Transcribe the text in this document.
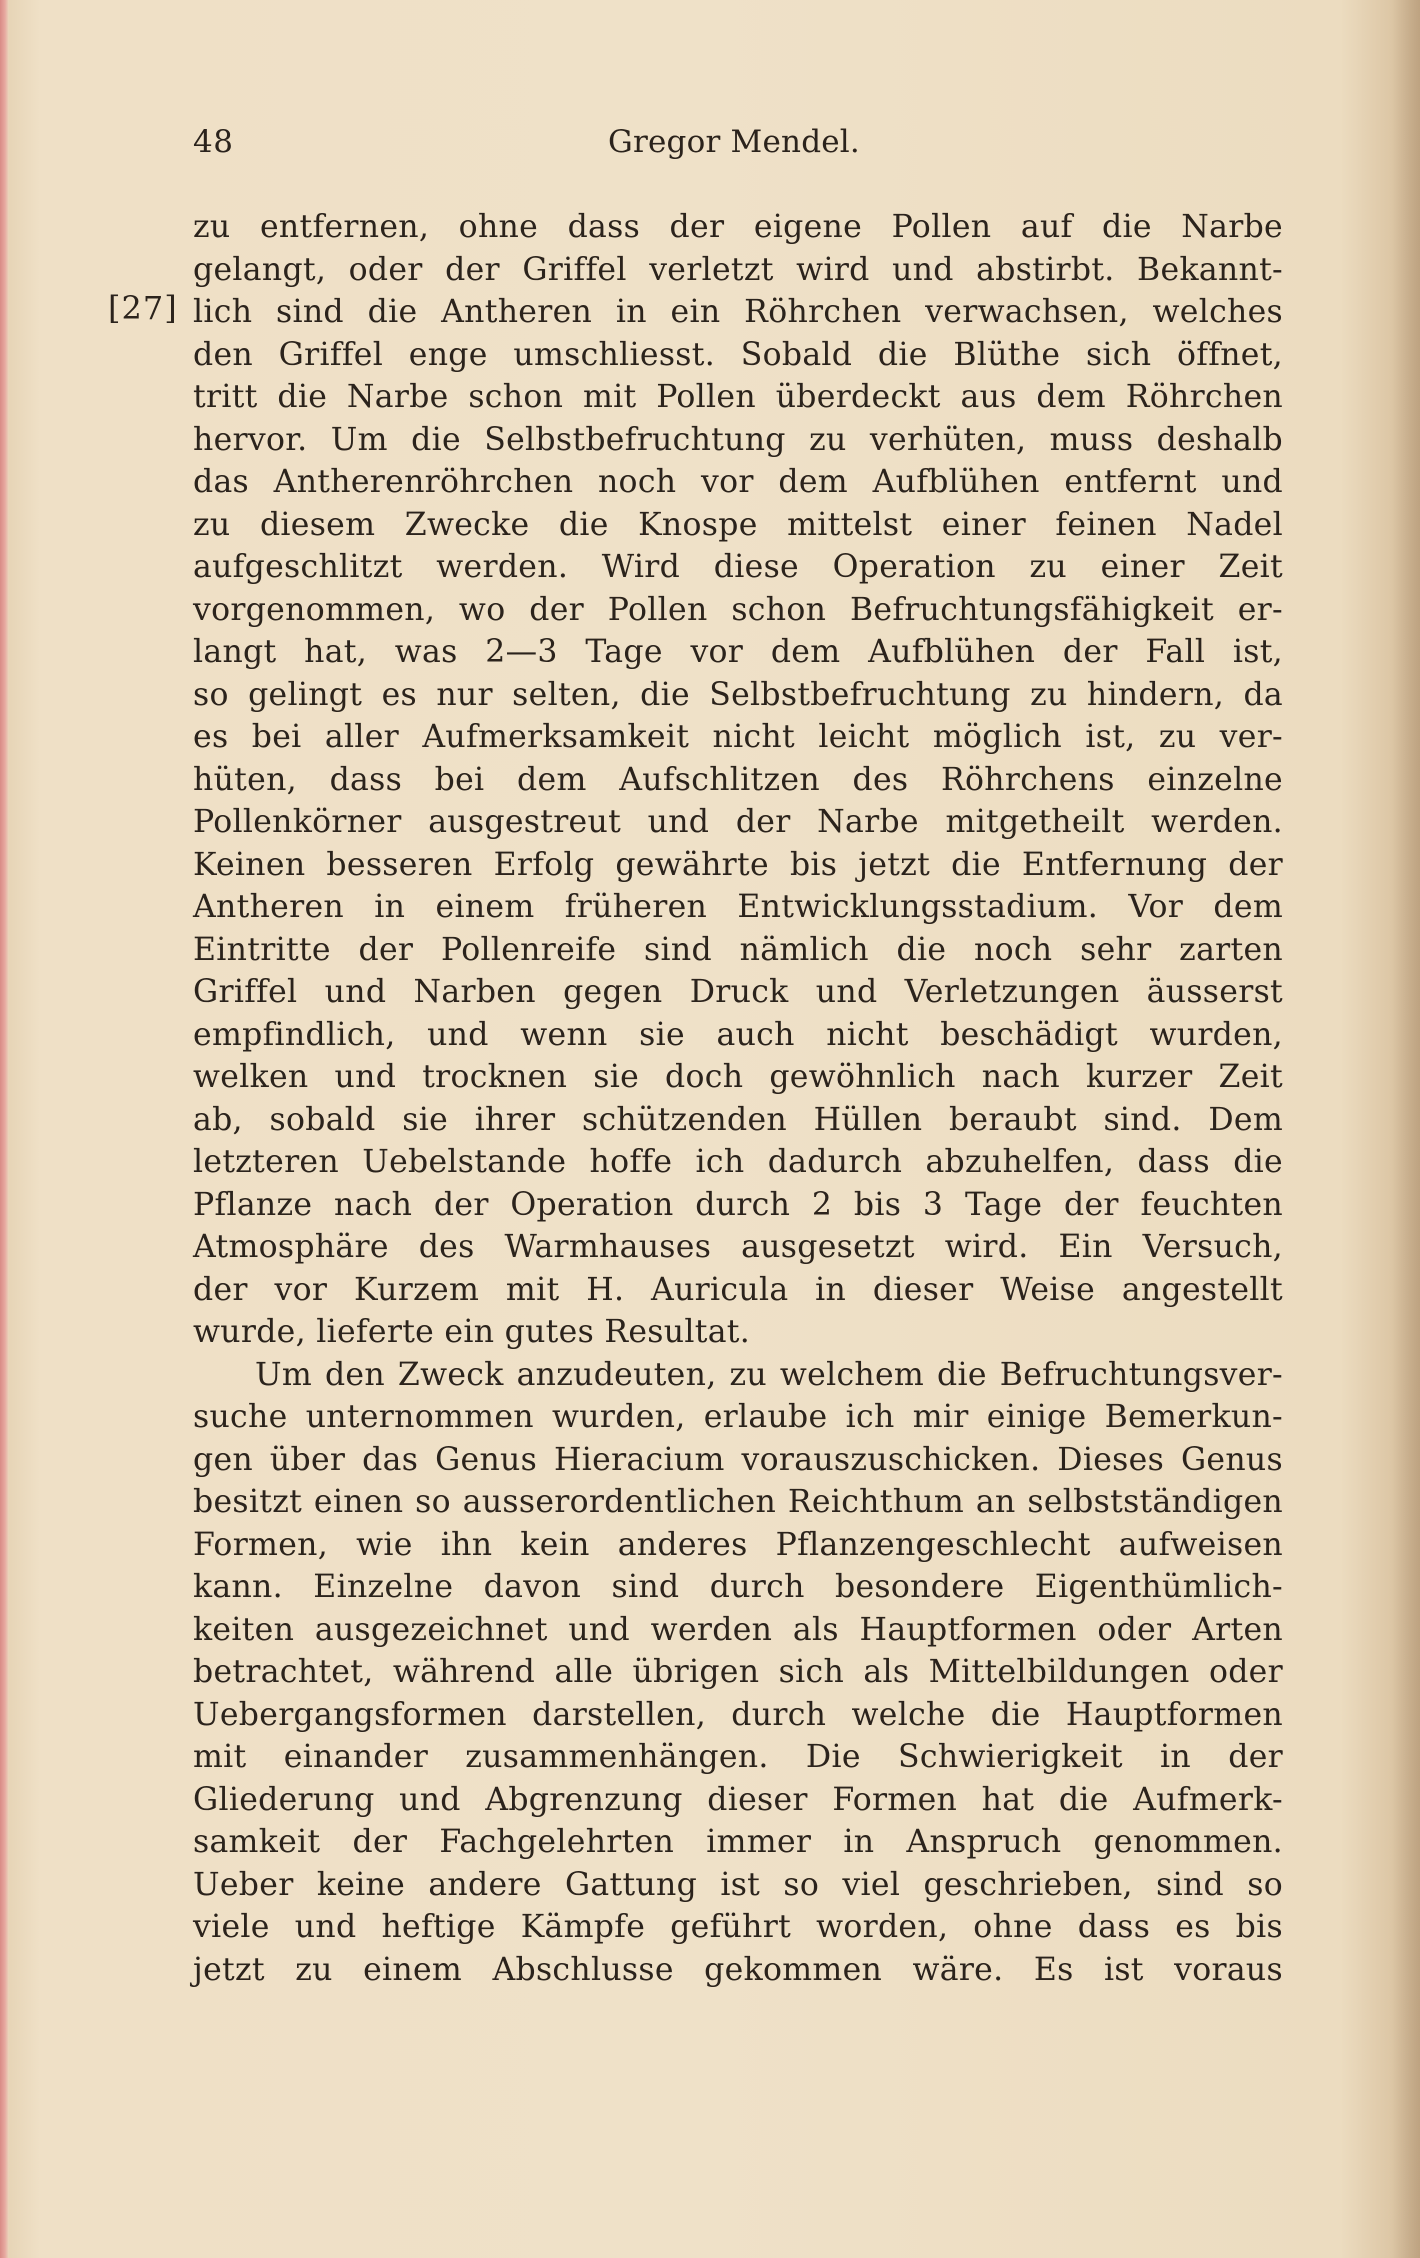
48	Gregor Mendel.
[27]
zu entfernen, ohne dass der eigene Pollen auf die Narbe
gelangt, oder der Griffel verletzt wird und abstirbt. Bekannt-
lich sind die Antheren in ein Röhrchen verwachsen, welches
den Griffel enge umschliesst. Sobald die Blüthe sich öffnet,
tritt die Narbe schon mit Pollen überdeckt aus dem Röhrchen
hervor. Um die Selbstbefruchtung zu verhüten, muss deshalb
das Antherenröhrchen noch vor dem Aufblühen entfernt und
zu diesem Zwecke die Knospe mittelst einer feinen Nadel
aufgeschlitzt werden. Wird diese Operation zu einer Zeit
vorgenommen, wo der Pollen schon Befruchtungsfähigkeit er-
langt hat, was 2—3 Tage vor dem Aufblühen der Fall ist,
so gelingt es nur selten, die Selbstbefruchtung zu hindern, da
es bei aller Aufmerksamkeit nicht leicht möglich ist, zu ver-
hüten, dass bei dem Aufschlitzen des Röhrchens einzelne
Pollenkörner ausgestreut und der Narbe mitgetheilt werden.
Keinen besseren Erfolg gewährte bis jetzt die Entfernung der
Antheren in einem früheren Entwicklungsstadium. Vor dem
Eintritte der Pollenreife sind nämlich die noch sehr zarten
Griffel und Narben gegen Druck und Verletzungen äusserst
empfindlich, und wenn sie auch nicht beschädigt wurden,
welken und trocknen sie doch gewöhnlich nach kurzer Zeit
ab, sobald sie ihrer schützenden Hüllen beraubt sind. Dem
letzteren Uebelstande hoffe ich dadurch abzuhelfen, dass die
Pflanze nach der Operation durch 2 bis 3 Tage der feuchten
Atmosphäre des Warmhauses ausgesetzt wird. Ein Versuch,
der vor Kurzem mit H. Auricula in dieser Weise angestellt
wurde, lieferte ein gutes Resultat.
Um den Zweck anzudeuten, zu welchem die Befruchtungsver-
suche unternommen wurden, erlaube ich mir einige Bemerkun-
gen über das Genus Hieracium vorauszuschicken. Dieses Genus
besitzt einen so ausserordentlichen Reichthum an selbstständigen
Formen, wie ihn kein anderes Pflanzengeschlecht aufweisen
kann. Einzelne davon sind durch besondere Eigenthümlich-
keiten ausgezeichnet und werden als Hauptformen oder Arten
betrachtet, während alle übrigen sich als Mittelbildungen oder
Uebergangsformen darstellen, durch welche die Hauptformen
mit einander zusammenhängen. Die Schwierigkeit in der
Gliederung und Abgrenzung dieser Formen hat die Aufmerk-
samkeit der Fachgelehrten immer in Anspruch genommen.
Ueber keine andere Gattung ist so viel geschrieben, sind so
viele und heftige Kämpfe geführt worden, ohne dass es bis
jetzt zu einem Abschlusse gekommen wäre. Es ist voraus
